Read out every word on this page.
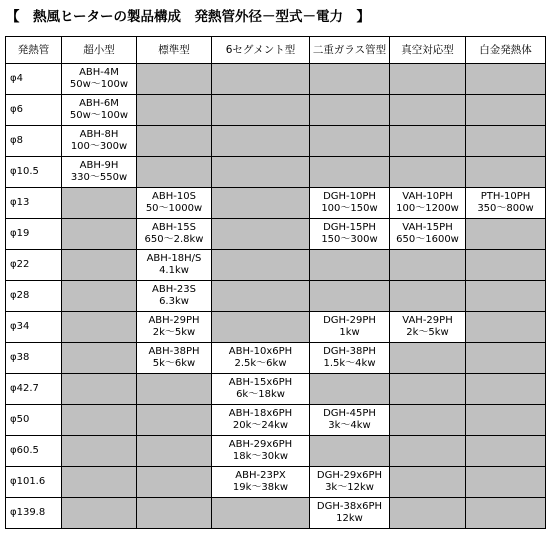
【　熱風ヒーターの製品構成　発熱管外径－型式－電力　】
発熱管	超小型	標準型	6セグメント型	二重ガラス管型	真空対応型	白金発熱体
φ4	ABH-4M
50w～100w					

φ6	ABH-6M
50w～100w					

φ8	ABH-8H
100～300w					

φ10.5	ABH-9H
330～550w					

φ13		ABH-10S
50～1000w		DGH-10PH
100～150w	VAH-10PH
100～1200w	PTH-10PH
350～800w

φ19		ABH-15S
650～2.8kw		DGH-15PH
150～300w	VAH-15PH
650～1600w	

φ22		ABH-18H/S
4.1kw				

φ28		ABH-23S
6.3kw				

φ34		ABH-29PH
2k～5kw		DGH-29PH
1kw	VAH-29PH
2k～5kw	

φ38		ABH-38PH
5k～6kw	ABH-10x6PH
2.5k～6kw	DGH-38PH
1.5k～4kw		

φ42.7			ABH-15x6PH
6k～18kw			

φ50			ABH-18x6PH
20k～24kw	DGH-45PH
3k～4kw		

φ60.5			ABH-29x6PH
18k～30kw			

φ101.6			ABH-23PX
19k～38kw	DGH-29x6PH
3k～12kw		

φ139.8				DGH-38x6PH
12kw		
